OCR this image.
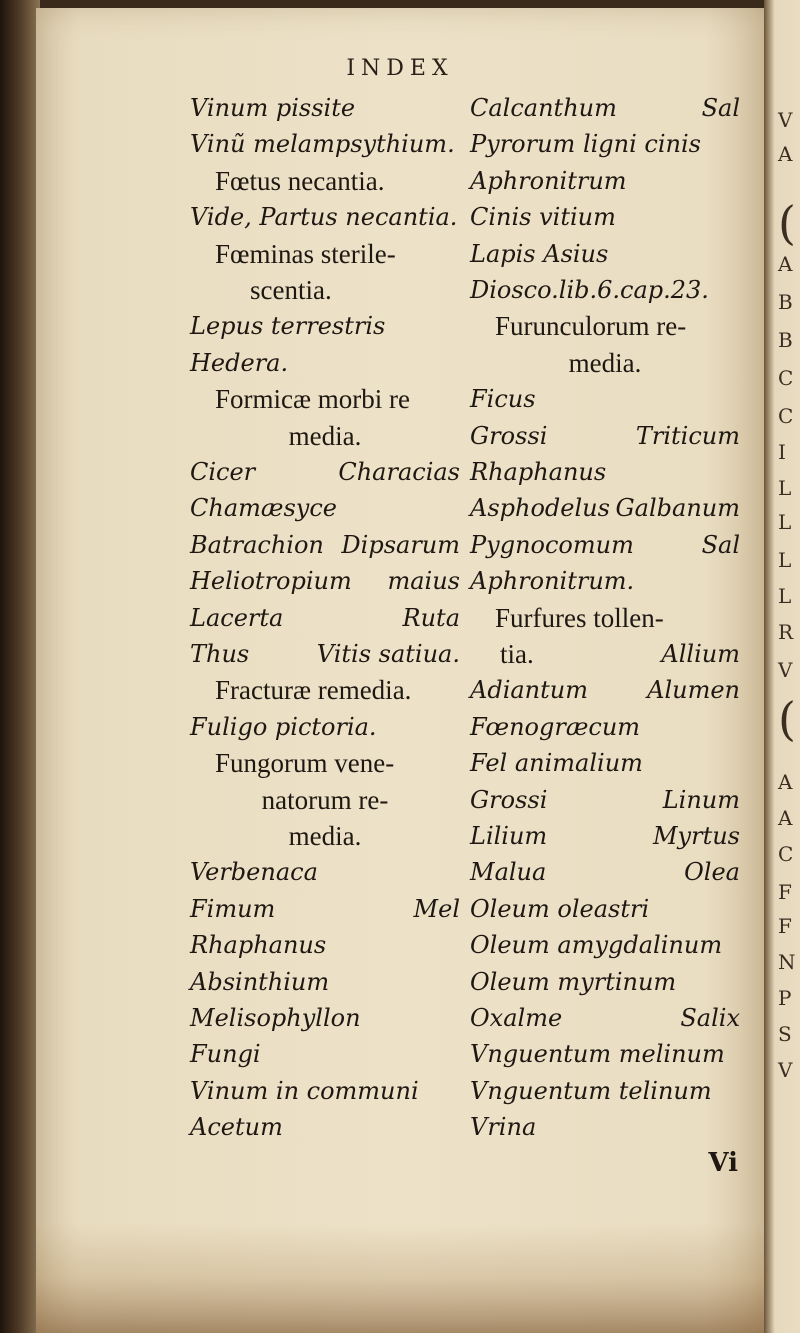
V
A
(
A
B
B
C
C
I
L
L
L
L
R
V
(
A
A
C
F
F
N
P
S
V
INDEX
Vinum pissite
Vinũ melampsythium.
Fœtus necantia.
Vide, Partus necantia.
Fœminas sterile-
scentia.
Lepus terrestris
Hedera.
Formicæ morbi re
media.
Cicer	Characias
Chamæsyce
Batrachion Dipsarum
Heliotropium maius
Lacerta	Ruta
Thus	Vitis satiua.
Fracturæ remedia.
Fuligo pictoria.
Fungorum vene-
natorum re-
media.
Verbenaca
Fimum	Mel
Rhaphanus
Absinthium
Melisophyllon
Fungi
Vinum in communi
Acetum
Calcanthum	Sal
Pyrorum ligni cinis
Aphronitrum
Cinis vitium
Lapis Asius
Diosco.lib.6.cap.23.
Furunculorum re-
media.
Ficus
Grossi	Triticum
Rhaphanus
Asphodelus Galbanum
Pygnocomum	Sal
Aphronitrum.
Furfures tollen-
tia.	Allium
Adiantum Alumen
Fœnogræcum
Fel animalium
Grossi	Linum
Lilium	Myrtus
Malua	Olea
Oleum oleastri
Oleum amygdalinum
Oleum myrtinum
Oxalme	Salix
Vnguentum melinum
Vnguentum telinum
Vrina
Vi
